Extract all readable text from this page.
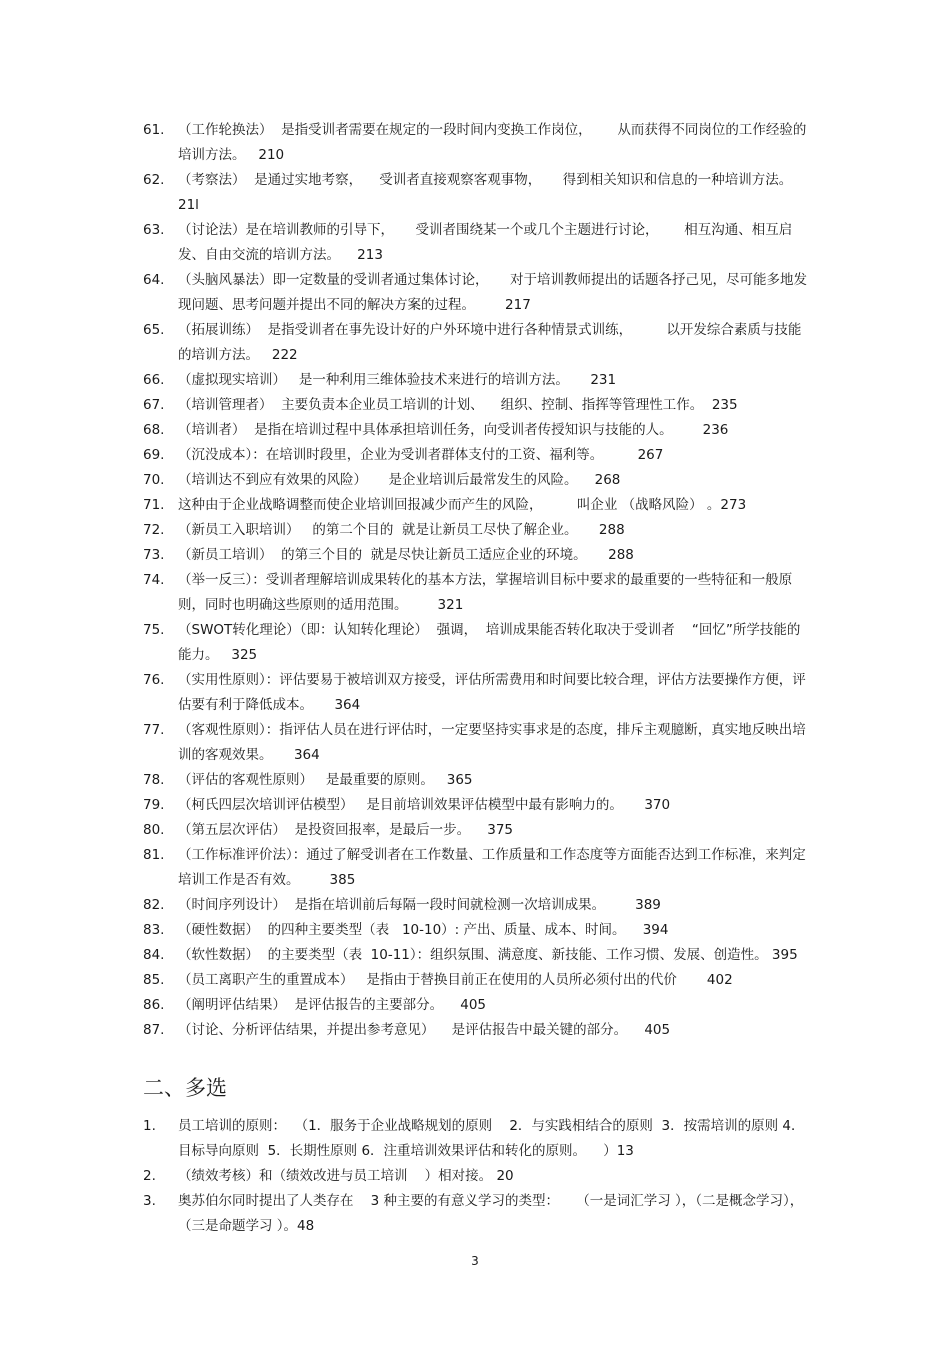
61.	（工作轮换法）  是指受训者需要在规定的一段时间内变换工作岗位，      从而获得不同岗位的工作经验的培训方法。   210
62.	（考察法）  是通过实地考察，    受训者直接观察客观事物，     得到相关知识和信息的一种培训方法。  21l
63.	（讨论法）是在培训教师的引导下，     受训者围绕某一个或几个主题进行讨论，      相互沟通、相互启发、自由交流的培训方法。    213
64.	（头脑风暴法）即一定数量的受训者通过集体讨论，     对于培训教师提出的话题各抒己见，尽可能多地发现问题、思考问题并提出不同的解决方案的过程。       217
65.	（拓展训练）  是指受训者在事先设计好的户外环境中进行各种情景式训练，        以开发综合素质与技能的培训方法。   222
66.	（虚拟现实培训）   是一种利用三维体验技术来进行的培训方法。     231
67.	（培训管理者）  主要负责本企业员工培训的计划、    组织、控制、指挥等管理性工作。  235
68.	（培训者）  是指在培训过程中具体承担培训任务，向受训者传授知识与技能的人。       236
69.	（沉没成本）：在培训时段里，企业为受训者群体支付的工资、福利等。        267
70.	（培训达不到应有效果的风险）     是企业培训后最常发生的风险。    268
71.	这种由于企业战略调整而使企业培训回报减少而产生的风险，        叫企业 （战略风险） 。273
72.	（新员工入职培训）   的第二个目的  就是让新员工尽快了解企业。     288
73.	（新员工培训）  的第三个目的  就是尽快让新员工适应企业的环境。     288
74.	（举一反三）：受训者理解培训成果转化的基本方法，掌握培训目标中要求的最重要的一些特征和一般原则，同时也明确这些原则的适用范围。       321
75.	（SWOT转化理论）（即：认知转化理论）  强调，  培训成果能否转化取决于受训者    “回忆”所学技能的能力。   325
76.	（实用性原则）：评估要易于被培训双方接受，评估所需费用和时间要比较合理，评估方法要操作方便，评估要有利于降低成本。     364
77.	（客观性原则）：指评估人员在进行评估时，一定要坚持实事求是的态度，排斥主观臆断，真实地反映出培训的客观效果。     364
78.	（评估的客观性原则）   是最重要的原则。   365
79.	（柯氏四层次培训评估模型）   是目前培训效果评估模型中最有影响力的。     370
80.	（第五层次评估）  是投资回报率，是最后一步。    375
81.	（工作标准评价法）：通过了解受训者在工作数量、工作质量和工作态度等方面能否达到工作标准，来判定培训工作是否有效。       385
82.	（时间序列设计）  是指在培训前后每隔一段时间就检测一次培训成果。       389
83.	（硬性数据）  的四种主要类型（表   10-10）: 产出、质量、成本、时间。    394
84.	（软性数据）  的主要类型（表  10-11）：组织氛围、满意度、新技能、工作习惯、发展、创造性。 395
85.	（员工离职产生的重置成本）   是指由于替换目前正在使用的人员所必须付出的代价       402
86.	（阐明评估结果）  是评估报告的主要部分。    405
87.	（讨论、分析评估结果，并提出参考意见）    是评估报告中最关键的部分。    405
二、多选
1.	员工培训的原则：  （1．服务于企业战略规划的原则    2．与实践相结合的原则  3．按需培训的原则 4．目标导向原则  5．长期性原则 6．注重培训效果评估和转化的原则。    ）13
2.	（绩效考核）和（绩效改进与员工培训    ）相对接。 20
3.	奥苏伯尔同时提出了人类存在    3 种主要的有意义学习的类型：    （一是词汇学习 ），（二是概念学习），（三是命题学习 ）。48
3
